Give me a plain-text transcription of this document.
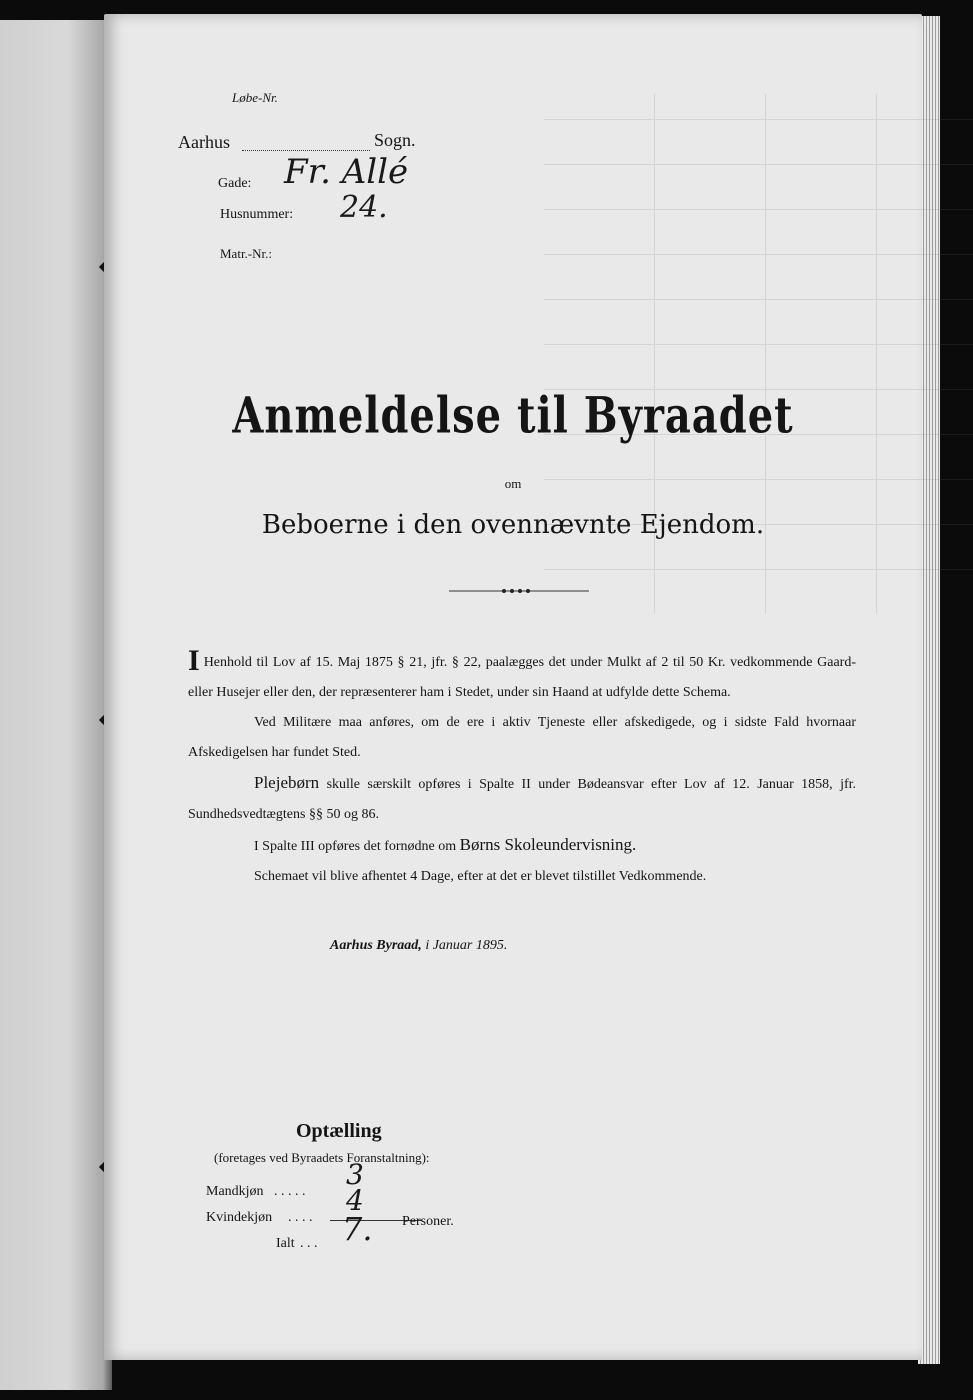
Løbe-Nr.
Aarhus	Sogn.
Gade: Fr. Allé
Husnummer: 24.
Matr.-Nr.:
Anmeldelse til Byraadet
om
Beboerne i den ovennævnte Ejendom.
I Henhold til Lov af 15. Maj 1875 § 21, jfr. § 22, paalægges det under Mulkt af 2 til 50 Kr. vedkommende Gaard- eller Husejer eller den, der repræsenterer ham i Stedet, under sin Haand at udfylde dette Schema.
Ved Militære maa anføres, om de ere i aktiv Tjeneste eller afskedigede, og i sidste Fald hvornaar Afskedigelsen har fundet Sted.
Plejebørn skulle særskilt opføres i Spalte II under Bødeansvar efter Lov af 12. Januar 1858, jfr. Sundhedsvedtægtens §§ 50 og 86.
I Spalte III opføres det fornødne om Børns Skoleundervisning.
Schemaet vil blive afhentet 4 Dage, efter at det er blevet tilstillet Vedkommende.
Aarhus Byraad, i Januar 1895.
Optælling
(foretages ved Byraadets Foranstaltning):
Mandkjøn . . . . .
3
Kvindekjøn . . . .
4
Ialt . . . 7. Personer.
